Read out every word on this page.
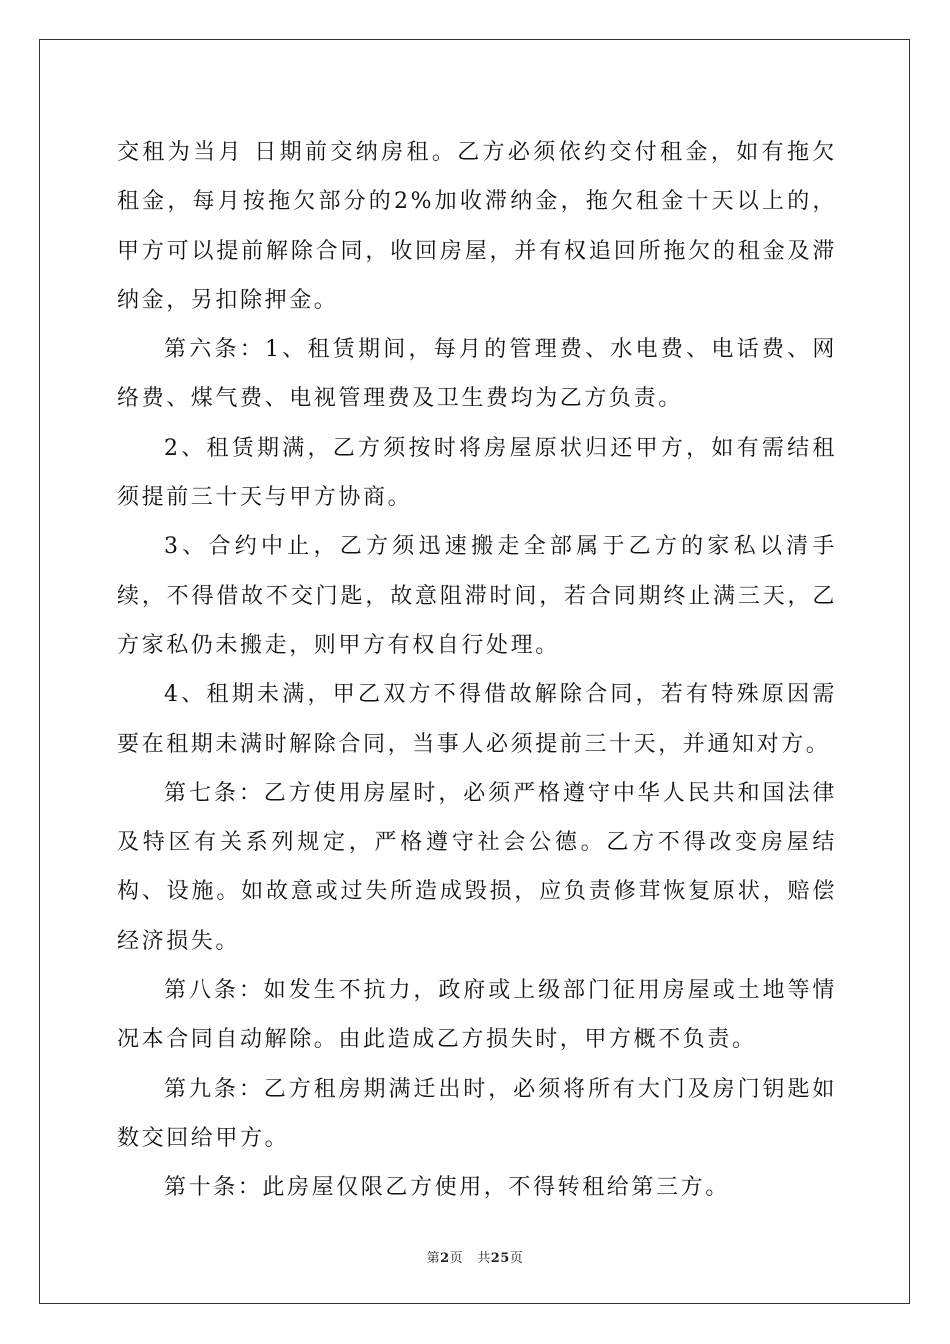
交租为当月 日期前交纳房租。乙方必须依约交付租金，如有拖欠租金，每月按拖欠部分的2%加收滞纳金，拖欠租金十天以上的，甲方可以提前解除合同，收回房屋，并有权追回所拖欠的租金及滞纳金，另扣除押金。

第六条：1、租赁期间，每月的管理费、水电费、电话费、网络费、煤气费、电视管理费及卫生费均为乙方负责。

2、租赁期满，乙方须按时将房屋原状归还甲方，如有需结租须提前三十天与甲方协商。

3、合约中止，乙方须迅速搬走全部属于乙方的家私以清手续，不得借故不交门匙，故意阻滞时间，若合同期终止满三天，乙方家私仍未搬走，则甲方有权自行处理。

4、租期未满，甲乙双方不得借故解除合同，若有特殊原因需要在租期未满时解除合同，当事人必须提前三十天，并通知对方。

第七条：乙方使用房屋时，必须严格遵守中华人民共和国法律及特区有关系列规定，严格遵守社会公德。乙方不得改变房屋结构、设施。如故意或过失所造成毁损，应负责修茸恢复原状，赔偿经济损失。

第八条：如发生不抗力，政府或上级部门征用房屋或土地等情况本合同自动解除。由此造成乙方损失时，甲方概不负责。

第九条：乙方租房期满迁出时，必须将所有大门及房门钥匙如数交回给甲方。

第十条：此房屋仅限乙方使用，不得转租给第三方。

第2页 共25页
